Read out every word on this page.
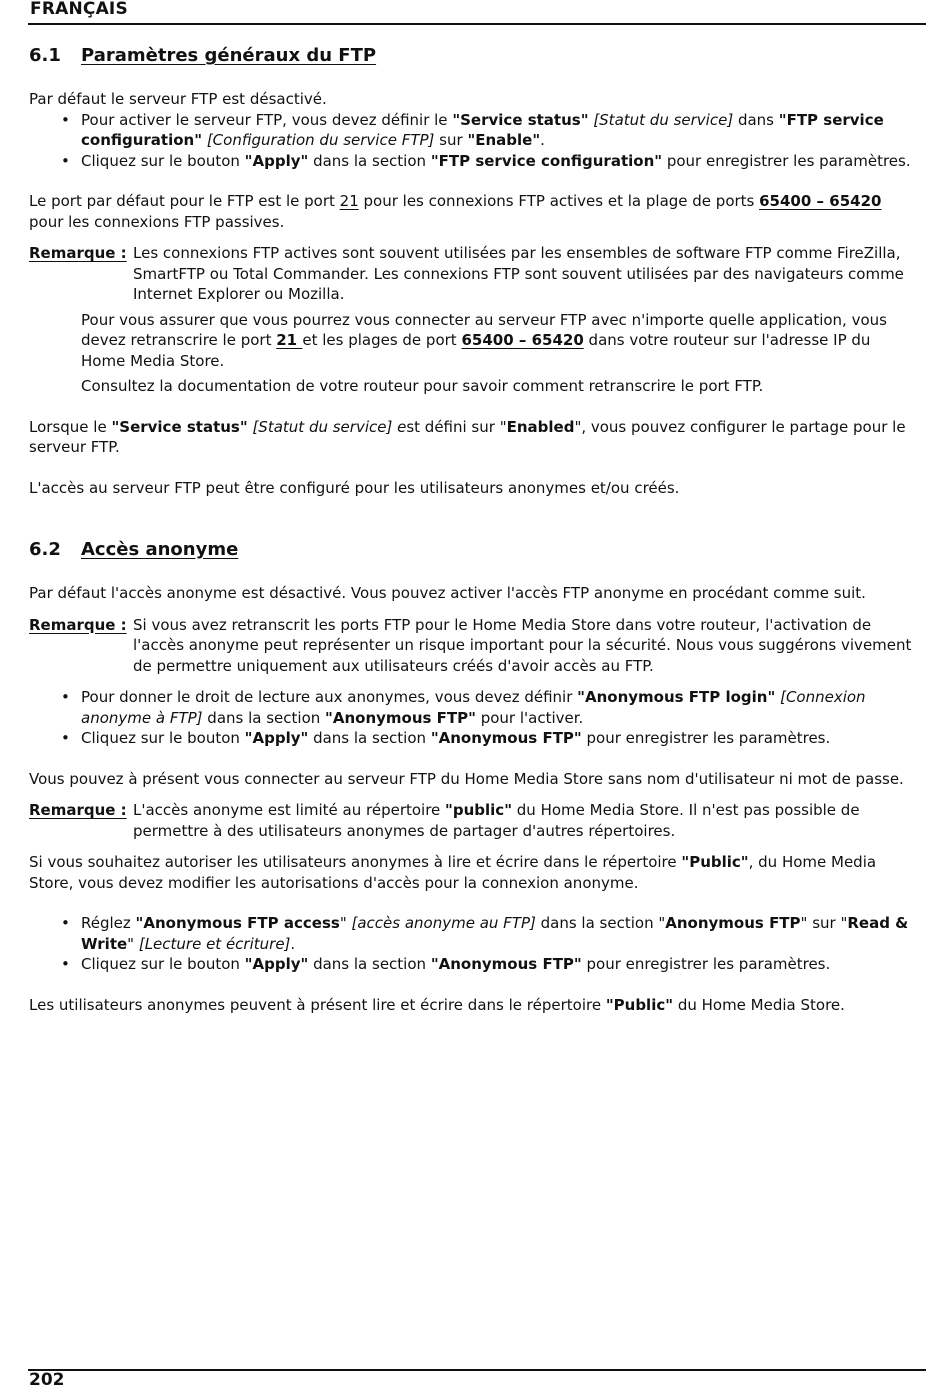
FRANÇAIS
6.1	Paramètres généraux du FTP

Par défaut le serveur FTP est désactivé.

• Pour activer le serveur FTP, vous devez définir le "Service status" [Statut du service] dans "FTP service configuration" [Configuration du service FTP] sur "Enable".
• Cliquez sur le bouton "Apply" dans la section "FTP service configuration" pour enregistrer les paramètres.

Le port par défaut pour le FTP est le port 21 pour les connexions FTP actives et la plage de ports 65400 – 65420 pour les connexions FTP passives.

Remarque : Les connexions FTP actives sont souvent utilisées par les ensembles de software FTP comme FireZilla, SmartFTP ou Total Commander. Les connexions FTP sont souvent utilisées par des navigateurs comme Internet Explorer ou Mozilla.

Pour vous assurer que vous pourrez vous connecter au serveur FTP avec n'importe quelle application, vous devez retranscrire le port 21 et les plages de port 65400 – 65420 dans votre routeur sur l'adresse IP du Home Media Store.

Consultez la documentation de votre routeur pour savoir comment retranscrire le port FTP.

Lorsque le "Service status" [Statut du service] est défini sur "Enabled", vous pouvez configurer le partage pour le serveur FTP.

L'accès au serveur FTP peut être configuré pour les utilisateurs anonymes et/ou créés.

6.2	Accès anonyme

Par défaut l'accès anonyme est désactivé. Vous pouvez activer l'accès FTP anonyme en procédant comme suit.

Remarque : Si vous avez retranscrit les ports FTP pour le Home Media Store dans votre routeur, l'activation de l'accès anonyme peut représenter un risque important pour la sécurité. Nous vous suggérons vivement de permettre uniquement aux utilisateurs créés d'avoir accès au FTP.
• Pour donner le droit de lecture aux anonymes, vous devez définir "Anonymous FTP login" [Connexion anonyme à FTP] dans la section "Anonymous FTP" pour l'activer.
• Cliquez sur le bouton "Apply" dans la section "Anonymous FTP" pour enregistrer les paramètres.

Vous pouvez à présent vous connecter au serveur FTP du Home Media Store sans nom d'utilisateur ni mot de passe.

Remarque : L'accès anonyme est limité au répertoire "public" du Home Media Store. Il n'est pas possible de permettre à des utilisateurs anonymes de partager d'autres répertoires.

Si vous souhaitez autoriser les utilisateurs anonymes à lire et écrire dans le répertoire "Public", du Home Media Store, vous devez modifier les autorisations d'accès pour la connexion anonyme.

• Réglez "Anonymous FTP access" [accès anonyme au FTP] dans la section "Anonymous FTP" sur "Read & Write" [Lecture et écriture].
• Cliquez sur le bouton "Apply" dans la section "Anonymous FTP" pour enregistrer les paramètres.

Les utilisateurs anonymes peuvent à présent lire et écrire dans le répertoire "Public" du Home Media Store.

202
